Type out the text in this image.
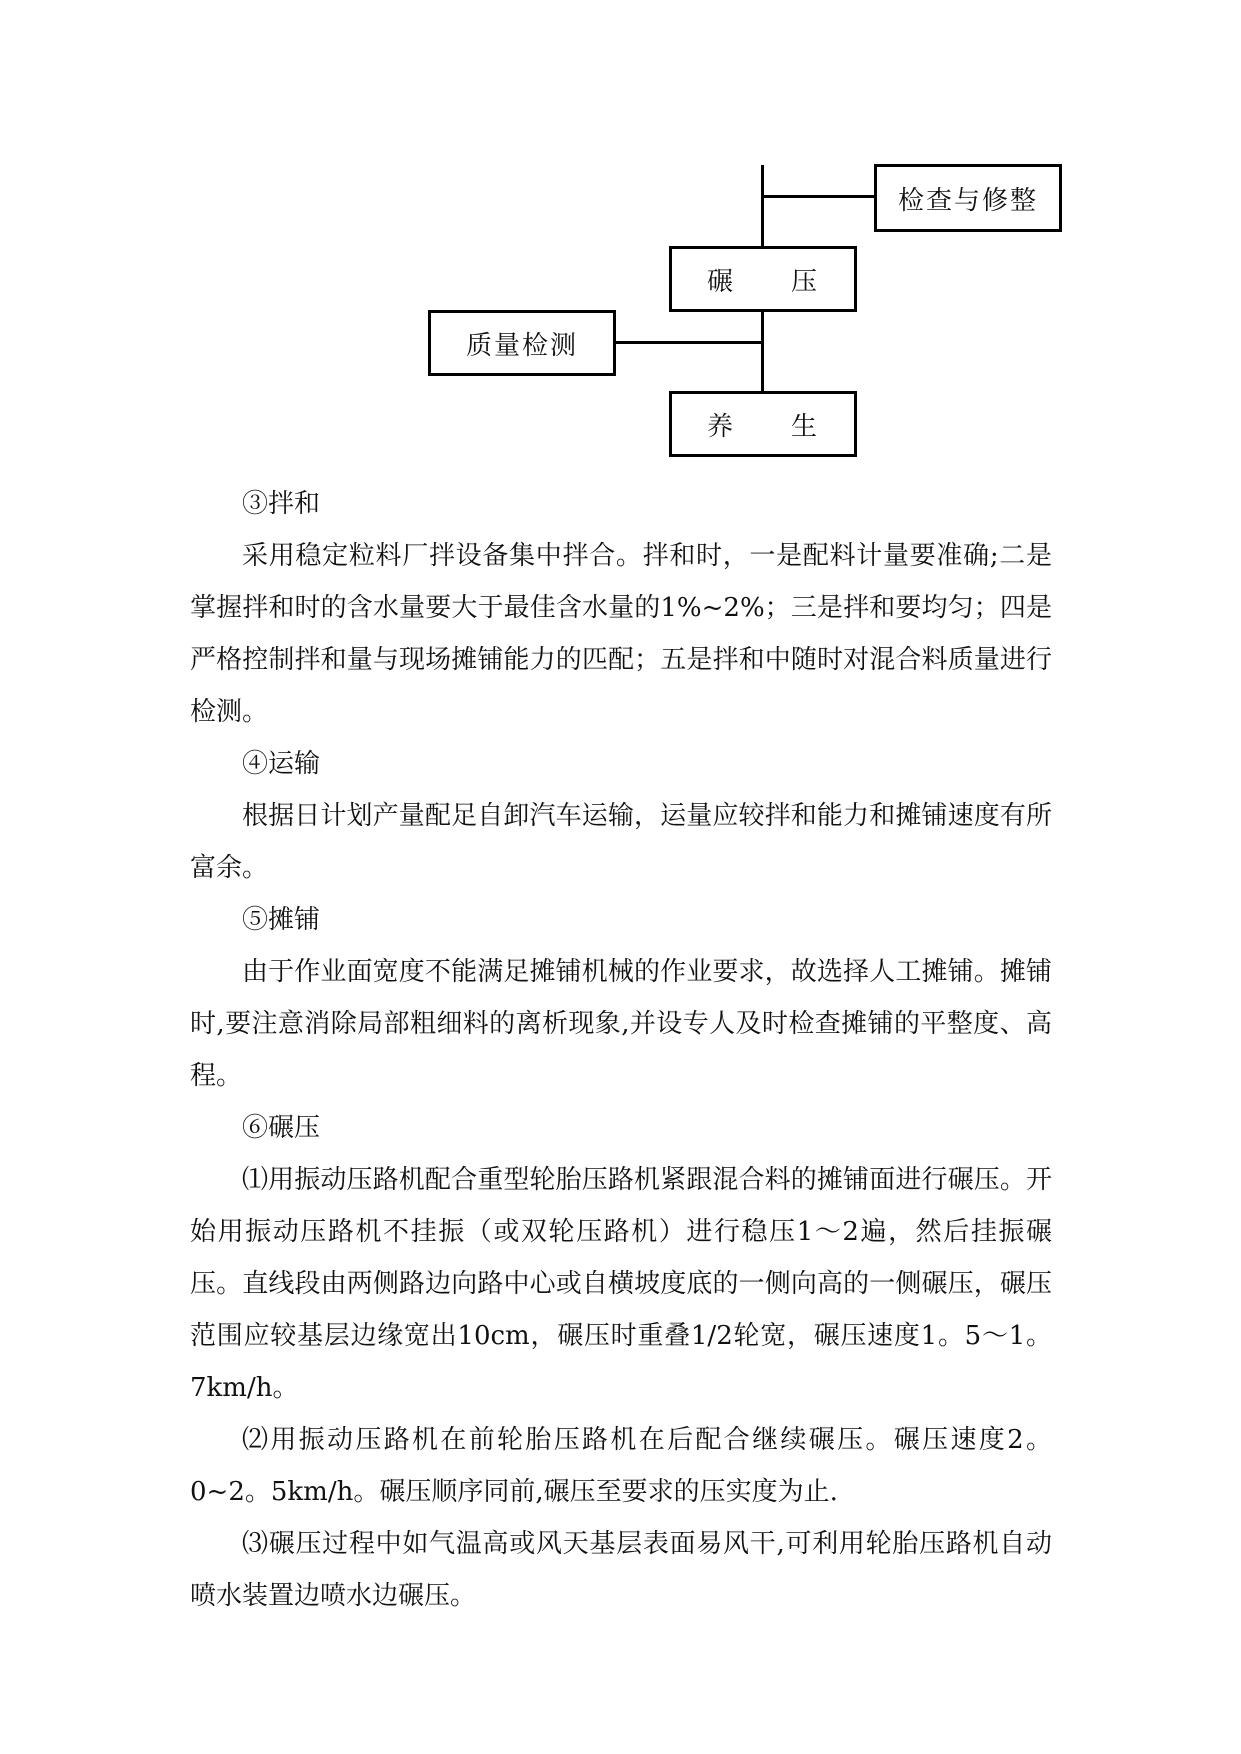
检查与修整
碾　　压
质量检测
养　　生

③拌和

采用稳定粒料厂拌设备集中拌合。拌和时，一是配料计量要准确;二是掌握拌和时的含水量要大于最佳含水量的1%~2%；三是拌和要均匀；四是严格控制拌和量与现场摊铺能力的匹配；五是拌和中随时对混合料质量进行检测。

④运输

根据日计划产量配足自卸汽车运输，运量应较拌和能力和摊铺速度有所富余。

⑤摊铺

由于作业面宽度不能满足摊铺机械的作业要求，故选择人工摊铺。摊铺时,要注意消除局部粗细料的离析现象,并设专人及时检查摊铺的平整度、高程。

⑥碾压

⑴用振动压路机配合重型轮胎压路机紧跟混合料的摊铺面进行碾压。开始用振动压路机不挂振（或双轮压路机）进行稳压1～2遍，然后挂振碾压。直线段由两侧路边向路中心或自横坡度底的一侧向高的一侧碾压，碾压范围应较基层边缘宽出10cm，碾压时重叠1/2轮宽，碾压速度1。5～1。7km/h。

⑵用振动压路机在前轮胎压路机在后配合继续碾压。碾压速度2。0~2。5km/h。碾压顺序同前,碾压至要求的压实度为止.

⑶碾压过程中如气温高或风天基层表面易风干,可利用轮胎压路机自动喷水装置边喷水边碾压。
